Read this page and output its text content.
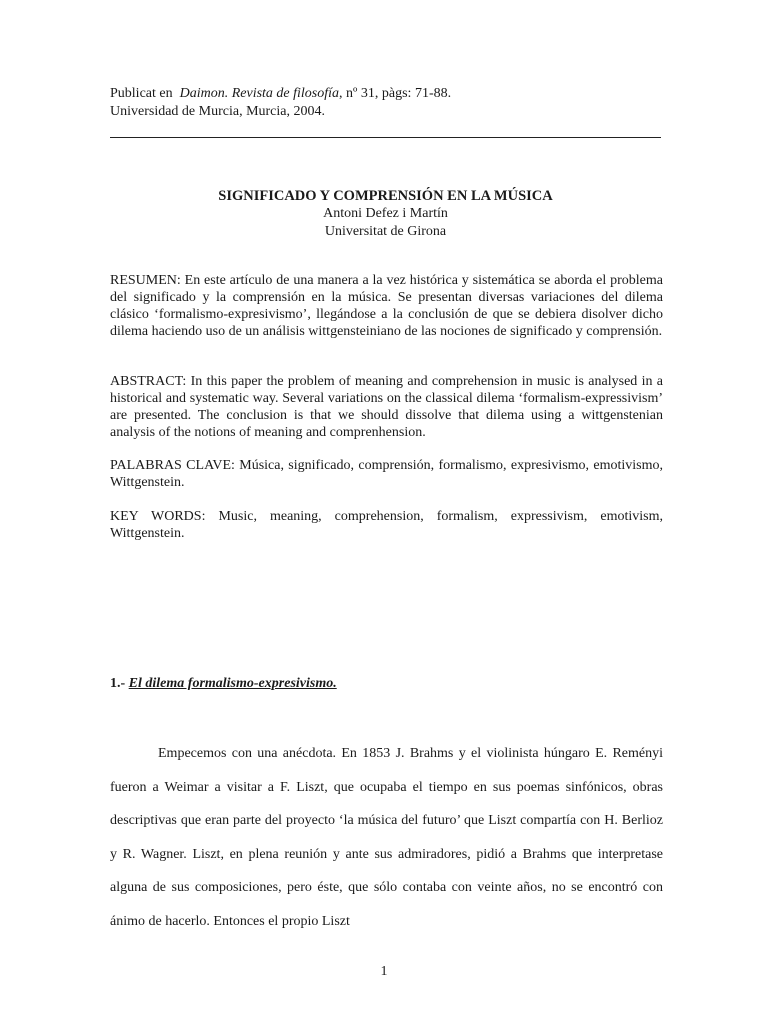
Publicat en Daimon. Revista de filosofía, nº 31, pàgs: 71-88.
Universidad de Murcia, Murcia, 2004.
SIGNIFICADO Y COMPRENSIÓN EN LA MÚSICA
Antoni Defez i Martín
Universitat de Girona
RESUMEN: En este artículo de una manera a la vez histórica y sistemática se aborda el problema del significado y la comprensión en la música. Se presentan diversas variaciones del dilema clásico ‘formalismo-expresivismo’, llegándose a la conclusión de que se debiera disolver dicho dilema haciendo uso de un análisis wittgensteiniano de las nociones de significado y comprensión.
ABSTRACT: In this paper the problem of meaning and comprehension in music is analysed in a historical and systematic way. Several variations on the classical dilema ‘formalism-expressivism’ are presented. The conclusion is that we should dissolve that dilema using a wittgenstenian analysis of the notions of meaning and comprenhension.
PALABRAS CLAVE: Música, significado, comprensión, formalismo, expresivismo, emotivismo, Wittgenstein.
KEY WORDS: Music, meaning, comprehension, formalism, expressivism, emotivism, Wittgenstein.
1.- El dilema formalismo-expresivismo.
Empecemos con una anécdota. En 1853 J. Brahms y el violinista húngaro E. Reményi fueron a Weimar a visitar a F. Liszt, que ocupaba el tiempo en sus poemas sinfónicos, obras descriptivas que eran parte del proyecto ‘la música del futuro’ que Liszt compartía con H. Berlioz y R. Wagner. Liszt, en plena reunión y ante sus admiradores, pidió a Brahms que interpretase alguna de sus composiciones, pero éste, que sólo contaba con veinte años, no se encontró con ánimo de hacerlo. Entonces el propio Liszt
1
